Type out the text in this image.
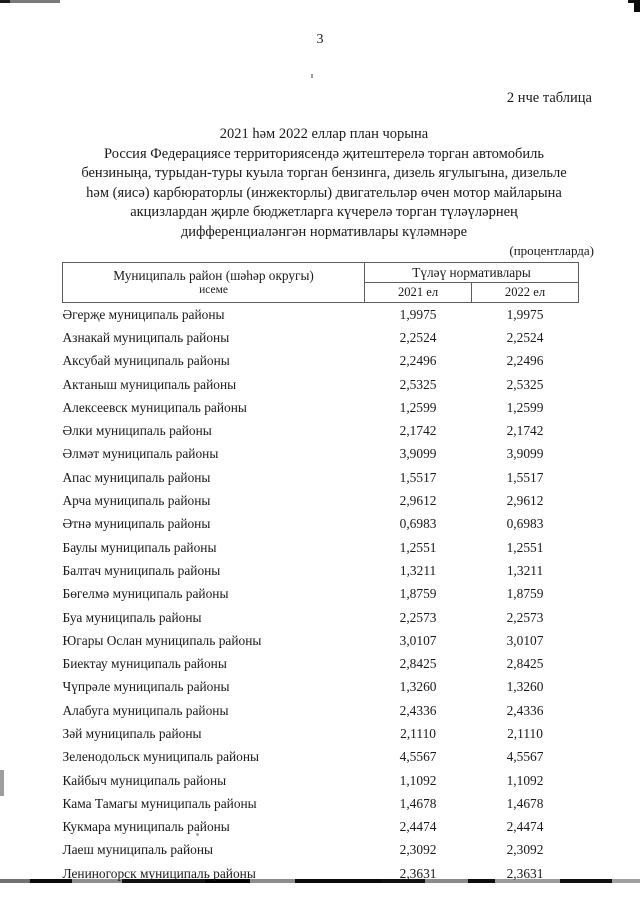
3
2 нче таблица
2021 һәм 2022 еллар план чорына
Россия Федерациясе территориясендә җитештерелә торган автомобиль
бензиныңа, турыдан-туры куыла торган бензинга, дизель ягулыгына, дизельле
һәм (яисә) карбюраторлы (инжекторлы) двигательләр өчен мотор майларына
акцизлардан җирле бюджетларга күчерелә торган түләүләрнең
дифференциаләнгән нормативлары күләмнәре
(процентларда)
Муниципаль район (шәһәр округы)
исеме	Түләү нормативлары	
	2021 ел	2022 ел
Әгерҗе муниципаль районы	1,9975	1,9975
Азнакай муниципаль районы	2,2524	2,2524
Аксубай муниципаль районы	2,2496	2,2496
Актаныш муниципаль районы	2,5325	2,5325
Алексеевск муниципаль районы	1,2599	1,2599
Әлки муниципаль районы	2,1742	2,1742
Әлмәт муниципаль районы	3,9099	3,9099
Апас муниципаль районы	1,5517	1,5517
Арча муниципаль районы	2,9612	2,9612
Әтнә муниципаль районы	0,6983	0,6983
Баулы муниципаль районы	1,2551	1,2551
Балтач муниципаль районы	1,3211	1,3211
Бөгелмә муниципаль районы	1,8759	1,8759
Буа муниципаль районы	2,2573	2,2573
Югары Ослан муниципаль районы	3,0107	3,0107
Биектау муниципаль районы	2,8425	2,8425
Чүпрәле муниципаль районы	1,3260	1,3260
Алабуга муниципаль районы	2,4336	2,4336
Зәй муниципаль районы	2,1110	2,1110
Зеленодольск муниципаль районы	4,5567	4,5567
Кайбыч муниципаль районы	1,1092	1,1092
Кама Тамагы муниципаль районы	1,4678	1,4678
Кукмара муниципаль районы	2,4474	2,4474
Лаеш муниципаль районы	2,3092	2,3092
Лениногорск муниципаль районы	2,3631	2,3631
